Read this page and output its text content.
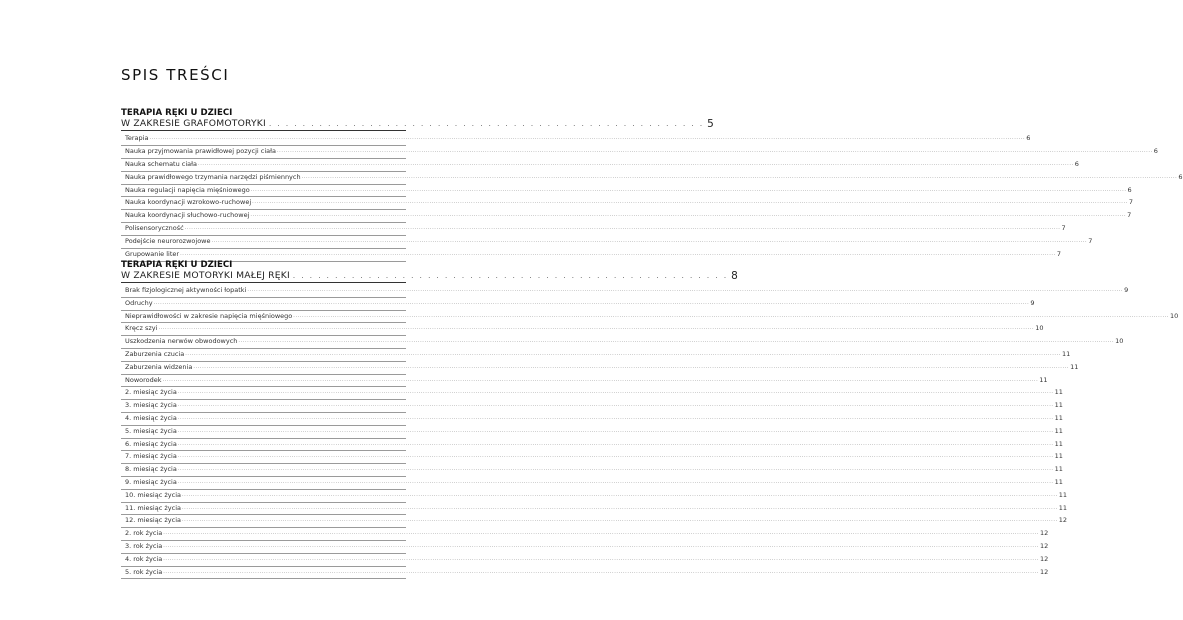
SPIS TREŚCI
TERAPIA RĘKI U DZIECI
W ZAKRESIE GRAFOMOTORYKI . . . . . . . . . . . . . . . . . . . . . . . . . . . . . . . . . . . . . . . . . . . . . . . . . . . . 5
Terapia ................................................................................................................................................................................................................................................................................................................................................................................................................ 6
Nauka przyjmowania prawidłowej pozycji ciała ................................................................................................................................................................................................................................................................................................................................................................................................................ 6
Nauka schematu ciała ................................................................................................................................................................................................................................................................................................................................................................................................................ 6
Nauka prawidłowego trzymania narzędzi piśmiennych ................................................................................................................................................................................................................................................................................................................................................................................................................ 6
Nauka regulacji napięcia mięśniowego ................................................................................................................................................................................................................................................................................................................................................................................................................ 6
Nauka koordynacji wzrokowo-ruchowej ................................................................................................................................................................................................................................................................................................................................................................................................................ 7
Nauka koordynacji słuchowo-ruchowej ................................................................................................................................................................................................................................................................................................................................................................................................................ 7
Polisensoryczność ................................................................................................................................................................................................................................................................................................................................................................................................................ 7
Podejście neurorozwojowe ................................................................................................................................................................................................................................................................................................................................................................................................................ 7
Grupowanie liter ................................................................................................................................................................................................................................................................................................................................................................................................................ 7
TERAPIA RĘKI U DZIECI
W ZAKRESIE MOTORYKI MAŁEJ RĘKI . . . . . . . . . . . . . . . . . . . . . . . . . . . . . . . . . . . . . . . . . . . . . . . . . . . . 8
Brak fizjologicznej aktywności łopatki ................................................................................................................................................................................................................................................................................................................................................................................................................ 9
Odruchy ................................................................................................................................................................................................................................................................................................................................................................................................................ 9
Nieprawidłowości w zakresie napięcia mięśniowego ................................................................................................................................................................................................................................................................................................................................................................................................................ 10
Kręcz szyi ................................................................................................................................................................................................................................................................................................................................................................................................................ 10
Uszkodzenia nerwów obwodowych ................................................................................................................................................................................................................................................................................................................................................................................................................ 10
Zaburzenia czucia ................................................................................................................................................................................................................................................................................................................................................................................................................ 11
Zaburzenia widzenia ................................................................................................................................................................................................................................................................................................................................................................................................................ 11
Noworodek ................................................................................................................................................................................................................................................................................................................................................................................................................ 11
2. miesiąc życia ................................................................................................................................................................................................................................................................................................................................................................................................................ 11
3. miesiąc życia ................................................................................................................................................................................................................................................................................................................................................................................................................ 11
4. miesiąc życia ................................................................................................................................................................................................................................................................................................................................................................................................................ 11
5. miesiąc życia ................................................................................................................................................................................................................................................................................................................................................................................................................ 11
6. miesiąc życia ................................................................................................................................................................................................................................................................................................................................................................................................................ 11
7. miesiąc życia ................................................................................................................................................................................................................................................................................................................................................................................................................ 11
8. miesiąc życia ................................................................................................................................................................................................................................................................................................................................................................................................................ 11
9. miesiąc życia ................................................................................................................................................................................................................................................................................................................................................................................................................ 11
10. miesiąc życia ................................................................................................................................................................................................................................................................................................................................................................................................................ 11
11. miesiąc życia ................................................................................................................................................................................................................................................................................................................................................................................................................ 11
12. miesiąc życia ................................................................................................................................................................................................................................................................................................................................................................................................................ 12
2. rok życia ................................................................................................................................................................................................................................................................................................................................................................................................................ 12
3. rok życia ................................................................................................................................................................................................................................................................................................................................................................................................................ 12
4. rok życia ................................................................................................................................................................................................................................................................................................................................................................................................................ 12
5. rok życia ................................................................................................................................................................................................................................................................................................................................................................................................................ 12
